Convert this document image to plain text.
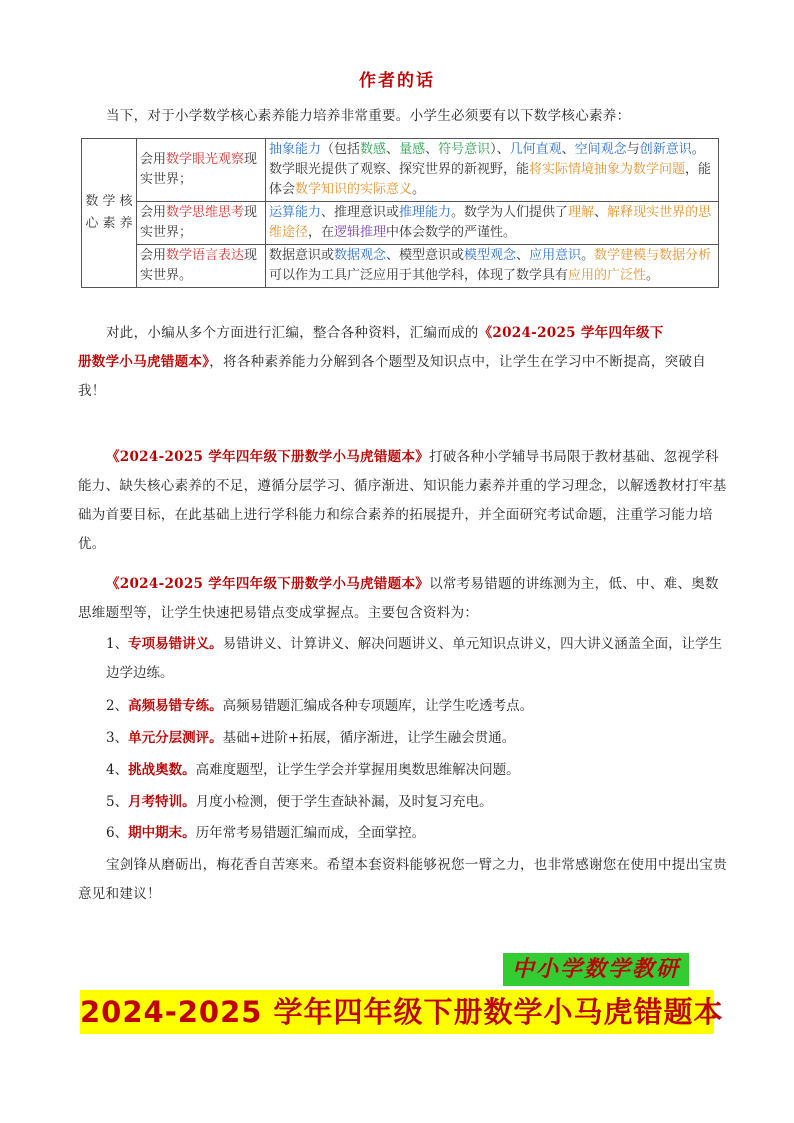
作者的话
当下，对于小学数学核心素养能力培养非常重要。小学生必须要有以下数学核心素养：
数 学 核 心 素 养	会用数学眼光观察现实世界；	抽象能力（包括数感、量感、符号意识）、几何直观、空间观念与创新意识。数学眼光提供了观察、探究世界的新视野，能将实际情境抽象为数学问题，能体会数学知识的实际意义。
	会用数学思维思考现实世界；	运算能力、推理意识或推理能力。数学为人们提供了理解、解释现实世界的思维途径，在逻辑推理中体会数学的严谨性。
	会用数学语言表达现实世界。	数据意识或数据观念、模型意识或模型观念、应用意识。数学建模与数据分析可以作为工具广泛应用于其他学科，体现了数学具有应用的广泛性。
对此，小编从多个方面进行汇编，整合各种资料，汇编而成的《2024-2025 学年四年级下
册数学小马虎错题本》，将各种素养能力分解到各个题型及知识点中，让学生在学习中不断提高，突破自我！
《2024-2025 学年四年级下册数学小马虎错题本》打破各种小学辅导书局限于教材基础、忽视学科能力、缺失核心素养的不足，遵循分层学习、循序渐进、知识能力素养并重的学习理念，以解透教材打牢基础为首要目标，在此基础上进行学科能力和综合素养的拓展提升，并全面研究考试命题，注重学习能力培优。
《2024-2025 学年四年级下册数学小马虎错题本》以常考易错题的讲练测为主，低、中、难、奥数思维题型等，让学生快速把易错点变成掌握点。主要包含资料为：
1、专项易错讲义。易错讲义、计算讲义、解决问题讲义、单元知识点讲义，四大讲义涵盖全面，让学生边学边练。
2、高频易错专练。高频易错题汇编成各种专项题库，让学生吃透考点。
3、单元分层测评。基础+进阶+拓展，循序渐进，让学生融会贯通。
4、挑战奥数。高难度题型，让学生学会并掌握用奥数思维解决问题。
5、月考特训。月度小检测，便于学生查缺补漏，及时复习充电。
6、期中期末。历年常考易错题汇编而成，全面掌控。
宝剑锋从磨砺出，梅花香自苦寒来。希望本套资料能够祝您一臂之力，也非常感谢您在使用中提出宝贵意见和建议！
中小学数学教研
2024-2025 学年四年级下册数学小马虎错题本
